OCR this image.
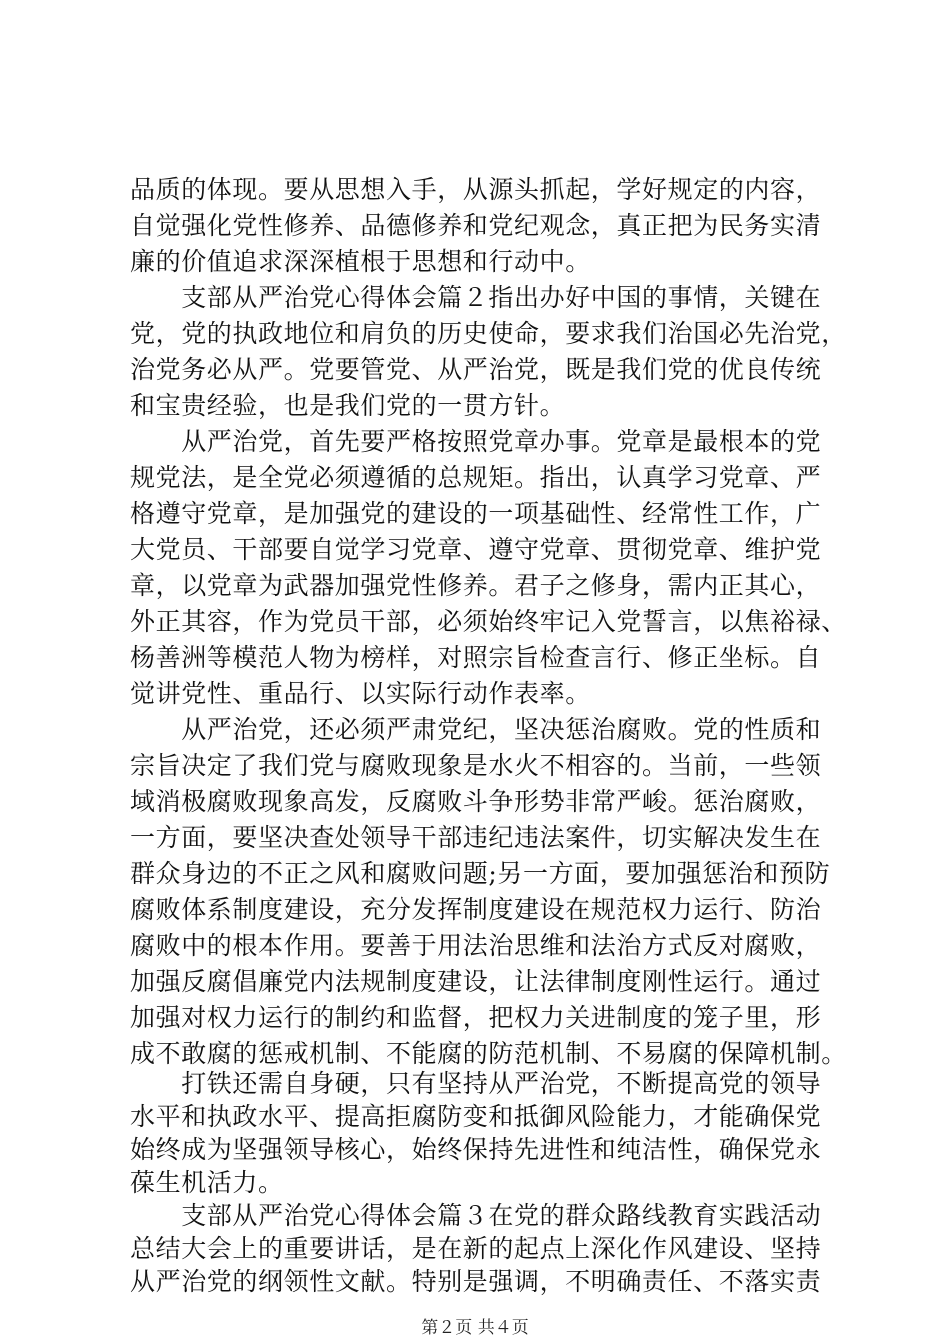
品质的体现。要从思想入手，从源头抓起，学好规定的内容，
自觉强化党性修养、品德修养和党纪观念，真正把为民务实清
廉的价值追求深深植根于思想和行动中。
　　支部从严治党心得体会篇２指出办好中国的事情，关键在
党，党的执政地位和肩负的历史使命，要求我们治国必先治党，
治党务必从严。党要管党、从严治党，既是我们党的优良传统
和宝贵经验，也是我们党的一贯方针。
　　从严治党，首先要严格按照党章办事。党章是最根本的党
规党法，是全党必须遵循的总规矩。指出，认真学习党章、严
格遵守党章，是加强党的建设的一项基础性、经常性工作，广
大党员、干部要自觉学习党章、遵守党章、贯彻党章、维护党
章，以党章为武器加强党性修养。君子之修身，需内正其心，
外正其容，作为党员干部，必须始终牢记入党誓言，以焦裕禄、
杨善洲等模范人物为榜样，对照宗旨检查言行、修正坐标。自
觉讲党性、重品行、以实际行动作表率。
　　从严治党，还必须严肃党纪，坚决惩治腐败。党的性质和
宗旨决定了我们党与腐败现象是水火不相容的。当前，一些领
域消极腐败现象高发，反腐败斗争形势非常严峻。惩治腐败，
一方面，要坚决查处领导干部违纪违法案件，切实解决发生在
群众身边的不正之风和腐败问题;另一方面，要加强惩治和预防
腐败体系制度建设，充分发挥制度建设在规范权力运行、防治
腐败中的根本作用。要善于用法治思维和法治方式反对腐败，
加强反腐倡廉党内法规制度建设，让法律制度刚性运行。通过
加强对权力运行的制约和监督，把权力关进制度的笼子里，形
成不敢腐的惩戒机制、不能腐的防范机制、不易腐的保障机制。
　　打铁还需自身硬，只有坚持从严治党，不断提高党的领导
水平和执政水平、提高拒腐防变和抵御风险能力，才能确保党
始终成为坚强领导核心，始终保持先进性和纯洁性，确保党永
葆生机活力。
　　支部从严治党心得体会篇３在党的群众路线教育实践活动
总结大会上的重要讲话，是在新的起点上深化作风建设、坚持
从严治党的纲领性文献。特别是强调，不明确责任、不落实责
第２页 共４页
